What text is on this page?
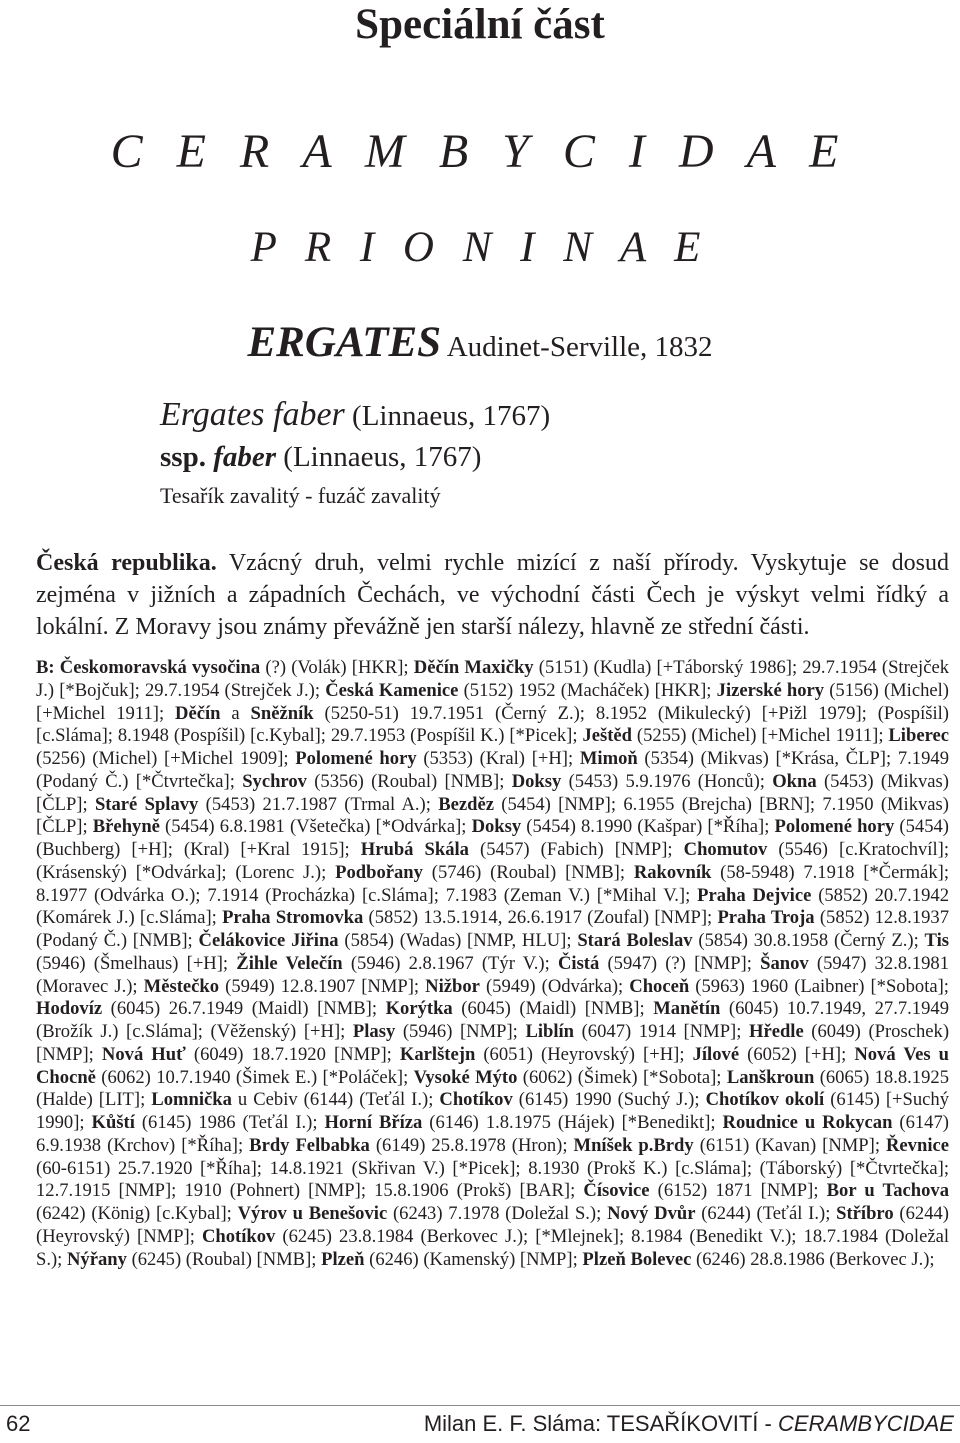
Speciální část
C E R A M B Y C I D A E
P R I O N I N A E
ERGATES Audinet-Serville, 1832
Ergates faber (Linnaeus, 1767)
ssp. faber (Linnaeus, 1767)
Tesařík zavalitý - fuzáč zavalitý
Česká republika. Vzácný druh, velmi rychle mizící z naší přírody. Vyskytuje se dosud zejména v jižních a západních Čechách, ve východní části Čech je výskyt velmi řídký a lokální. Z Moravy jsou známy převážně jen starší nálezy, hlavně ze střední části.
B: Českomoravská vysočina (?) (Volák) [HKR]; Děčín Maxičky (5151) (Kudla) [+Táborský 1986]; 29.7.1954 (Strejček J.) [*Bojčuk]; 29.7.1954 (Strejček J.); Česká Kamenice (5152) 1952 (Macháček) [HKR]; Jizerské hory (5156) (Michel) [+Michel 1911]; Děčín a Sněžník (5250-51) 19.7.1951 (Černý Z.); 8.1952 (Mikulecký) [+Pižl 1979]; (Pospíšil) [c.Sláma]; 8.1948 (Pospíšil) [c.Kybal]; 29.7.1953 (Pospíšil K.) [*Picek]; Ještěd (5255) (Michel) [+Michel 1911]; Liberec (5256) (Michel) [+Michel 1909]; Polomené hory (5353) (Kral) [+H]; Mimoň (5354) (Mikvas) [*Krása, ČLP]; 7.1949 (Podaný Č.) [*Čtvrtečka]; Sychrov (5356) (Roubal) [NMB]; Doksy (5453) 5.9.1976 (Honců); Okna (5453) (Mikvas) [ČLP]; Staré Splavy (5453) 21.7.1987 (Trmal A.); Bezděz (5454) [NMP]; 6.1955 (Brejcha) [BRN]; 7.1950 (Mikvas) [ČLP]; Břehyně (5454) 6.8.1981 (Všetečka) [*Odvárka]; Doksy (5454) 8.1990 (Kašpar) [*Říha]; Polomené hory (5454) (Buchberg) [+H]; (Kral) [+Kral 1915]; Hrubá Skála (5457) (Fabich) [NMP]; Chomutov (5546) [c.Kratochvíl]; (Krásenský) [*Odvárka]; (Lorenc J.); Podbořany (5746) (Roubal) [NMB]; Rakovník (58-5948) 7.1918 [*Čermák]; 8.1977 (Odvárka O.); 7.1914 (Procházka) [c.Sláma]; 7.1983 (Zeman V.) [*Mihal V.]; Praha Dejvice (5852) 20.7.1942 (Komárek J.) [c.Sláma]; Praha Stromovka (5852) 13.5.1914, 26.6.1917 (Zoufal) [NMP]; Praha Troja (5852) 12.8.1937 (Podaný Č.) [NMB]; Čelákovice Jiřina (5854) (Wadas) [NMP, HLU]; Stará Boleslav (5854) 30.8.1958 (Černý Z.); Tis (5946) (Šmelhaus) [+H]; Žihle Velečín (5946) 2.8.1967 (Týr V.); Čistá (5947) (?) [NMP]; Šanov (5947) 32.8.1981 (Moravec J.); Městečko (5949) 12.8.1907 [NMP]; Nižbor (5949) (Odvárka); Choceň (5963) 1960 (Laibner) [*Sobota]; Hodovíz (6045) 26.7.1949 (Maidl) [NMB]; Korýtka (6045) (Maidl) [NMB]; Manětín (6045) 10.7.1949, 27.7.1949 (Brožík J.) [c.Sláma]; (Věženský) [+H]; Plasy (5946) [NMP]; Liblín (6047) 1914 [NMP]; Hředle (6049) (Proschek) [NMP]; Nová Huť (6049) 18.7.1920 [NMP]; Karlštejn (6051) (Heyrovský) [+H]; Jílové (6052) [+H]; Nová Ves u Chocně (6062) 10.7.1940 (Šimek E.) [*Poláček]; Vysoké Mýto (6062) (Šimek) [*Sobota]; Lanškroun (6065) 18.8.1925 (Halde) [LIT]; Lomnička u Cebiv (6144) (Teťál I.); Chotíkov (6145) 1990 (Suchý J.); Chotíkov okolí (6145) [+Suchý 1990]; Kůští (6145) 1986 (Teťál I.); Horní Bříza (6146) 1.8.1975 (Hájek) [*Benedikt]; Roudnice u Rokycan (6147) 6.9.1938 (Krchov) [*Říha]; Brdy Felbabka (6149) 25.8.1978 (Hron); Mníšek p.Brdy (6151) (Kavan) [NMP]; Řevnice (60-6151) 25.7.1920 [*Říha]; 14.8.1921 (Skřivan V.) [*Picek]; 8.1930 (Prokš K.) [c.Sláma]; (Táborský) [*Čtvrtečka]; 12.7.1915 [NMP]; 1910 (Pohnert) [NMP]; 15.8.1906 (Prokš) [BAR]; Čísovice (6152) 1871 [NMP]; Bor u Tachova (6242) (König) [c.Kybal]; Výrov u Benešovic (6243) 7.1978 (Doležal S.); Nový Dvůr (6244) (Teťál I.); Stříbro (6244) (Heyrovský) [NMP]; Chotíkov (6245) 23.8.1984 (Berkovec J.); [*Mlejnek]; 8.1984 (Benedikt V.); 18.7.1984 (Doležal S.); Nýřany (6245) (Roubal) [NMB]; Plzeň (6246) (Kamenský) [NMP]; Plzeň Bolevec (6246) 28.8.1986 (Berkovec J.);
62	Milan E. F. Sláma: TESAŘÍKOVITÍ - CERAMBYCIDAE
